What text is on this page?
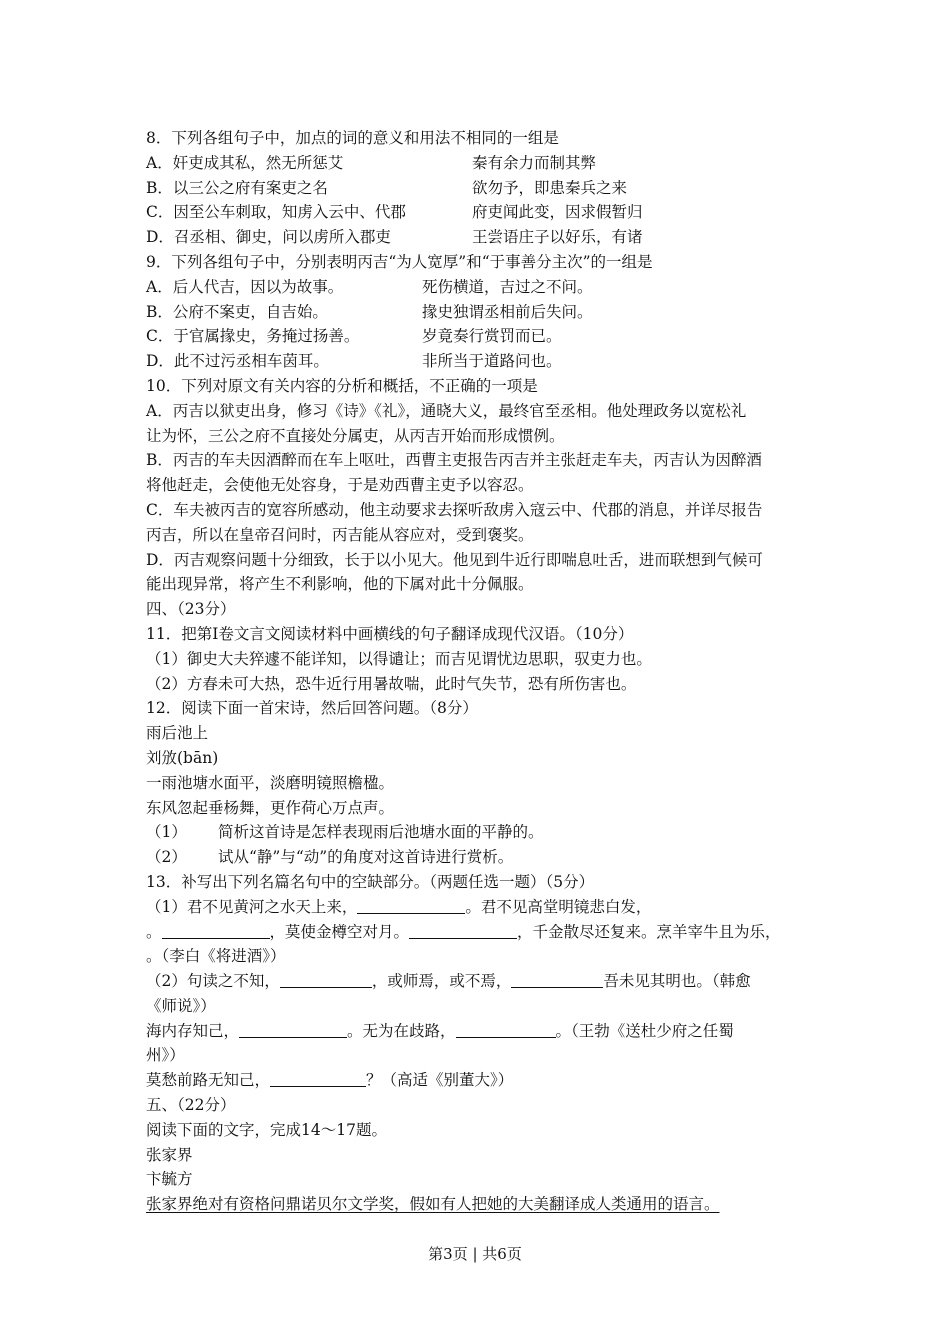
8．下列各组句子中，加点的词的意义和用法不相同的一组是
A．奸吏成其私，然无所惩艾	秦有余力而制其弊
B．以三公之府有案吏之名	欲勿予，即患秦兵之来
C．因至公车刺取，知虏入云中、代郡	府吏闻此变，因求假暂归
D．召丞相、御史，问以虏所入郡吏	王尝语庄子以好乐，有诸
9．下列各组句子中，分别表明丙吉“为人宽厚”和“于事善分主次”的一组是
A．后人代吉，因以为故事。	死伤横道，吉过之不问。
B．公府不案吏，自吉始。	掾史独谓丞相前后失问。
C．于官属掾史，务掩过扬善。	岁竟奏行赏罚而已。
D．此不过污丞相车茵耳。	非所当于道路问也。
10．下列对原文有关内容的分析和概括，不正确的一项是
A．丙吉以狱吏出身，修习《诗》《礼》，通晓大义，最终官至丞相。他处理政务以宽松礼
让为怀，三公之府不直接处分属吏，从丙吉开始而形成惯例。
B．丙吉的车夫因酒醉而在车上呕吐，西曹主吏报告丙吉并主张赶走车夫，丙吉认为因醉酒
将他赶走，会使他无处容身，于是劝西曹主吏予以容忍。
C．车夫被丙吉的宽容所感动，他主动要求去探听敌虏入寇云中、代郡的消息，并详尽报告
丙吉，所以在皇帝召问时，丙吉能从容应对，受到褒奖。
D．丙吉观察问题十分细致，长于以小见大。他见到牛近行即喘息吐舌，进而联想到气候可
能出现异常，将产生不利影响，他的下属对此十分佩服。
四、（23分）
11．把第Ⅰ卷文言文阅读材料中画横线的句子翻译成现代汉语。（10分）
（1）御史大夫猝遽不能详知，以得谴让；而吉见谓忧边思职，驭吏力也。
（2）方春未可大热，恐牛近行用暑故喘，此时气失节，恐有所伤害也。
12．阅读下面一首宋诗，然后回答问题。（8分）
雨后池上
刘攽(bān)
一雨池塘水面平，淡磨明镜照檐楹。
东风忽起垂杨舞，更作荷心万点声。
（1） 简析这首诗是怎样表现雨后池塘水面的平静的。
（2） 试从“静”与“动”的角度对这首诗进行赏析。
13．补写出下列名篇名句中的空缺部分。（两题任选一题）（5分）
（1）君不见黄河之水天上来，	。君不见高堂明镜悲白发，
。	，莫使金樽空对月。	，千金散尽还复来。烹羊宰牛且为乐，
。（李白《将进酒》）
（2）句读之不知，	，或师焉，或不焉，	吾未见其明也。（韩愈
《师说》）
海内存知己，	。无为在歧路，	。（王勃《送杜少府之任蜀
州》）
莫愁前路无知己，	？（高适《别董大》）
五、（22分）
阅读下面的文字，完成14～17题。
张家界
卞毓方
张家界绝对有资格问鼎诺贝尔文学奖，假如有人把她的大美翻译成人类通用的语言。
第3页 | 共6页
